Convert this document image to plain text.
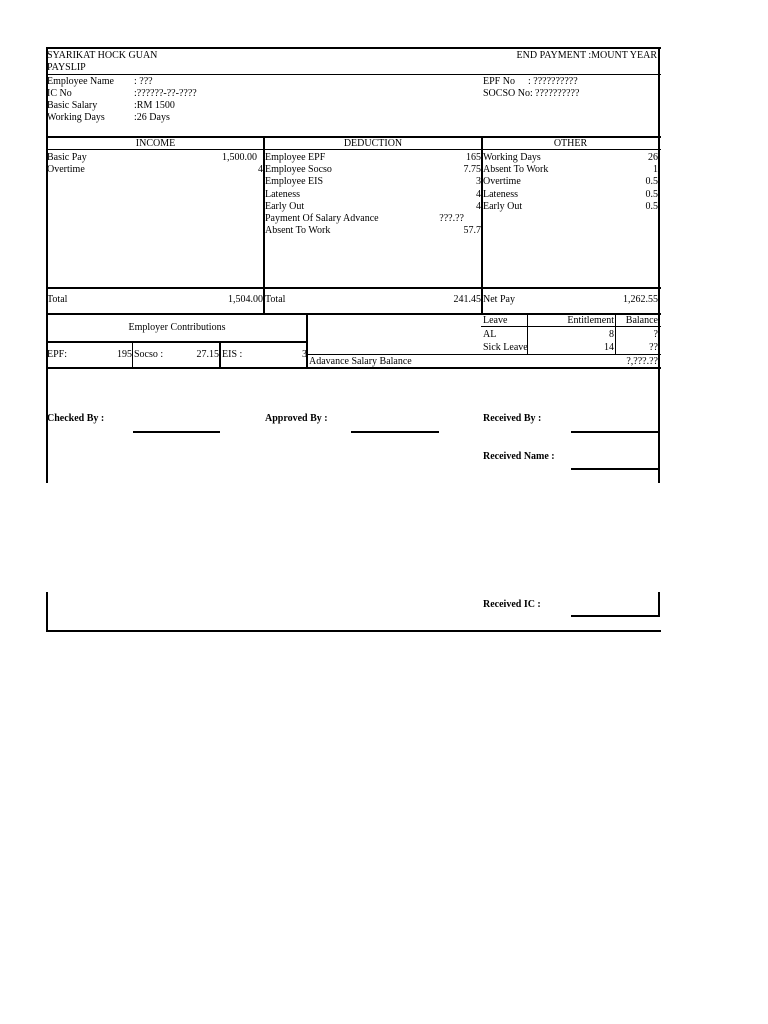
SYARIKAT HOCK GUAN
PAYSLIP
END PAYMENT :MOUNT YEAR
Employee Name : ???
IC No	:??????-??-????
Basic Salary	:RM 1500
Working Days	:26 Days
EPF No : ??????????
SOCSO No: ??????????
INCOME	DEDUCTION	OTHER
Basic Pay	1,500.00
Overtime	4
Employee EPF	165
Employee Socso	7.75
Employee EIS	3
Lateness	4
Early Out	4
Payment Of Salary Advance	???.??
Absent To Work	57.7
Working Days	26
Absent To Work	1
Overtime	0.5
Lateness	0.5
Early Out	0.5
Total	1,504.00 Total	241.45 Net Pay	1,262.55
Employer Contributions
EPF:	195 Socso :	27.15 EIS :	3
Leave	Entitlement	Balance
AL	8	?
Sick Leave	14	??
Adavance Salary Balance	?,???.??
Checked By :	Approved By :	Received By :
Received Name :
Received IC :
